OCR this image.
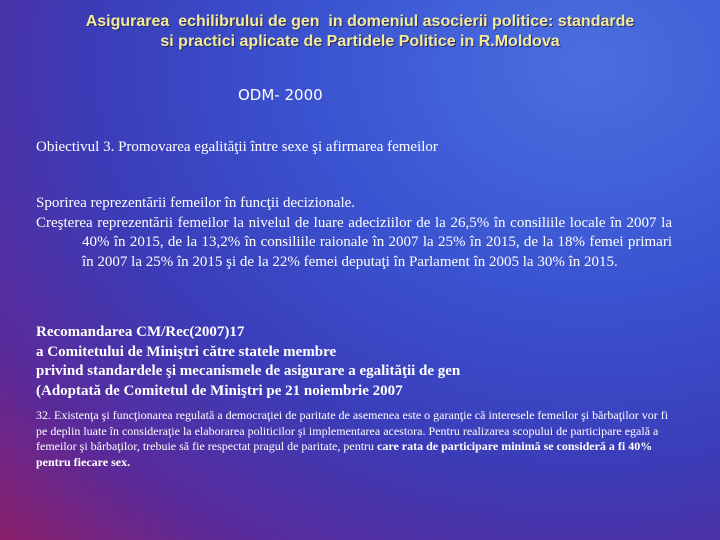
Asigurarea  echilibrului de gen  in domeniul asocierii politice: standarde
si practici aplicate de Partidele Politice in R.Moldova
ODM- 2000
Obiectivul 3. Promovarea egalităţii între sexe şi afirmarea femeilor

Sporirea reprezentării femeilor în funcţii decizionale.

Creşterea reprezentării femeilor la nivelul de luare adeciziilor de la 26,5% în consiliile locale în 2007 la 40% în 2015, de la 13,2% în consiliile raionale în 2007 la 25% în 2015, de la 18% femei primari în 2007 la 25% în 2015 şi de la 22% femei deputaţi în Parlament în 2005 la 30% în 2015.

Recomandarea CM/Rec(2007)17
a Comitetului de Miniştri către statele membre
privind standardele şi mecanismele de asigurare a egalităţii de gen
(Adoptată de Comitetul de Miniştri pe 21 noiembrie 2007

32. Existenţa şi funcţionarea regulată a democraţiei de paritate de asemenea este o garanţie că interesele femeilor şi bărbaţilor vor fi pe deplin luate în consideraţie la elaborarea politicilor şi implementarea acestora. Pentru realizarea scopului de participare egală a femeilor şi bărbaţilor, trebuie să fie respectat pragul de paritate, pentru care rata de participare minimă se consideră a fi 40% pentru fiecare sex.
